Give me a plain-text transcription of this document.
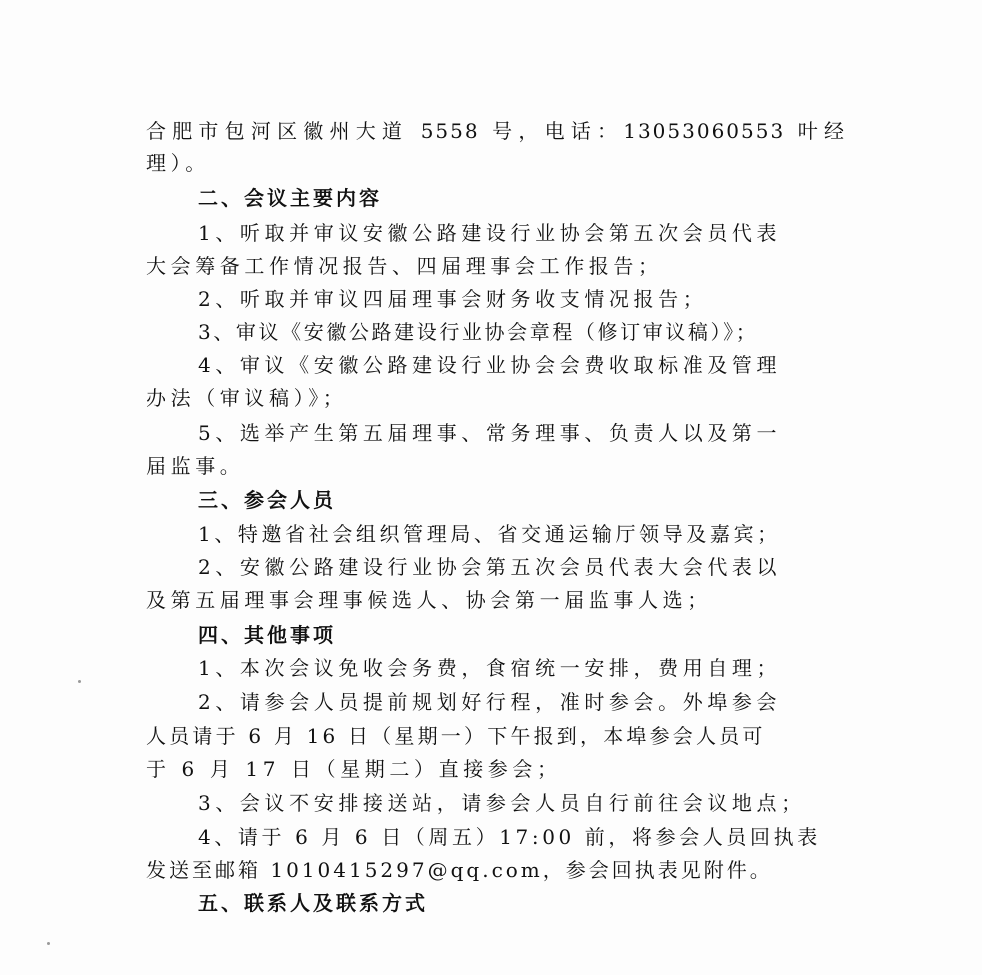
合肥市包河区徽州大道 5558 号，电话：13053060553 叶经
理）。
二、会议主要内容
1、听取并审议安徽公路建设行业协会第五次会员代表
大会筹备工作情况报告、四届理事会工作报告；
2、听取并审议四届理事会财务收支情况报告；
3、审议《安徽公路建设行业协会章程（修订审议稿）》；
4、审议《安徽公路建设行业协会会费收取标准及管理
办法（审议稿）》；
5、选举产生第五届理事、常务理事、负责人以及第一
届监事。
三、参会人员
1、特邀省社会组织管理局、省交通运输厅领导及嘉宾；
2、安徽公路建设行业协会第五次会员代表大会代表以
及第五届理事会理事候选人、协会第一届监事人选；
四、其他事项
1、本次会议免收会务费，食宿统一安排，费用自理；
2、请参会人员提前规划好行程，准时参会。外埠参会
人员请于 6 月 16 日（星期一）下午报到，本埠参会人员可
于 6 月 17 日（星期二）直接参会；
3、会议不安排接送站，请参会人员自行前往会议地点；
4、请于 6 月 6 日（周五）17:00 前，将参会人员回执表
发送至邮箱 1010415297@qq.com，参会回执表见附件。
五、联系人及联系方式
